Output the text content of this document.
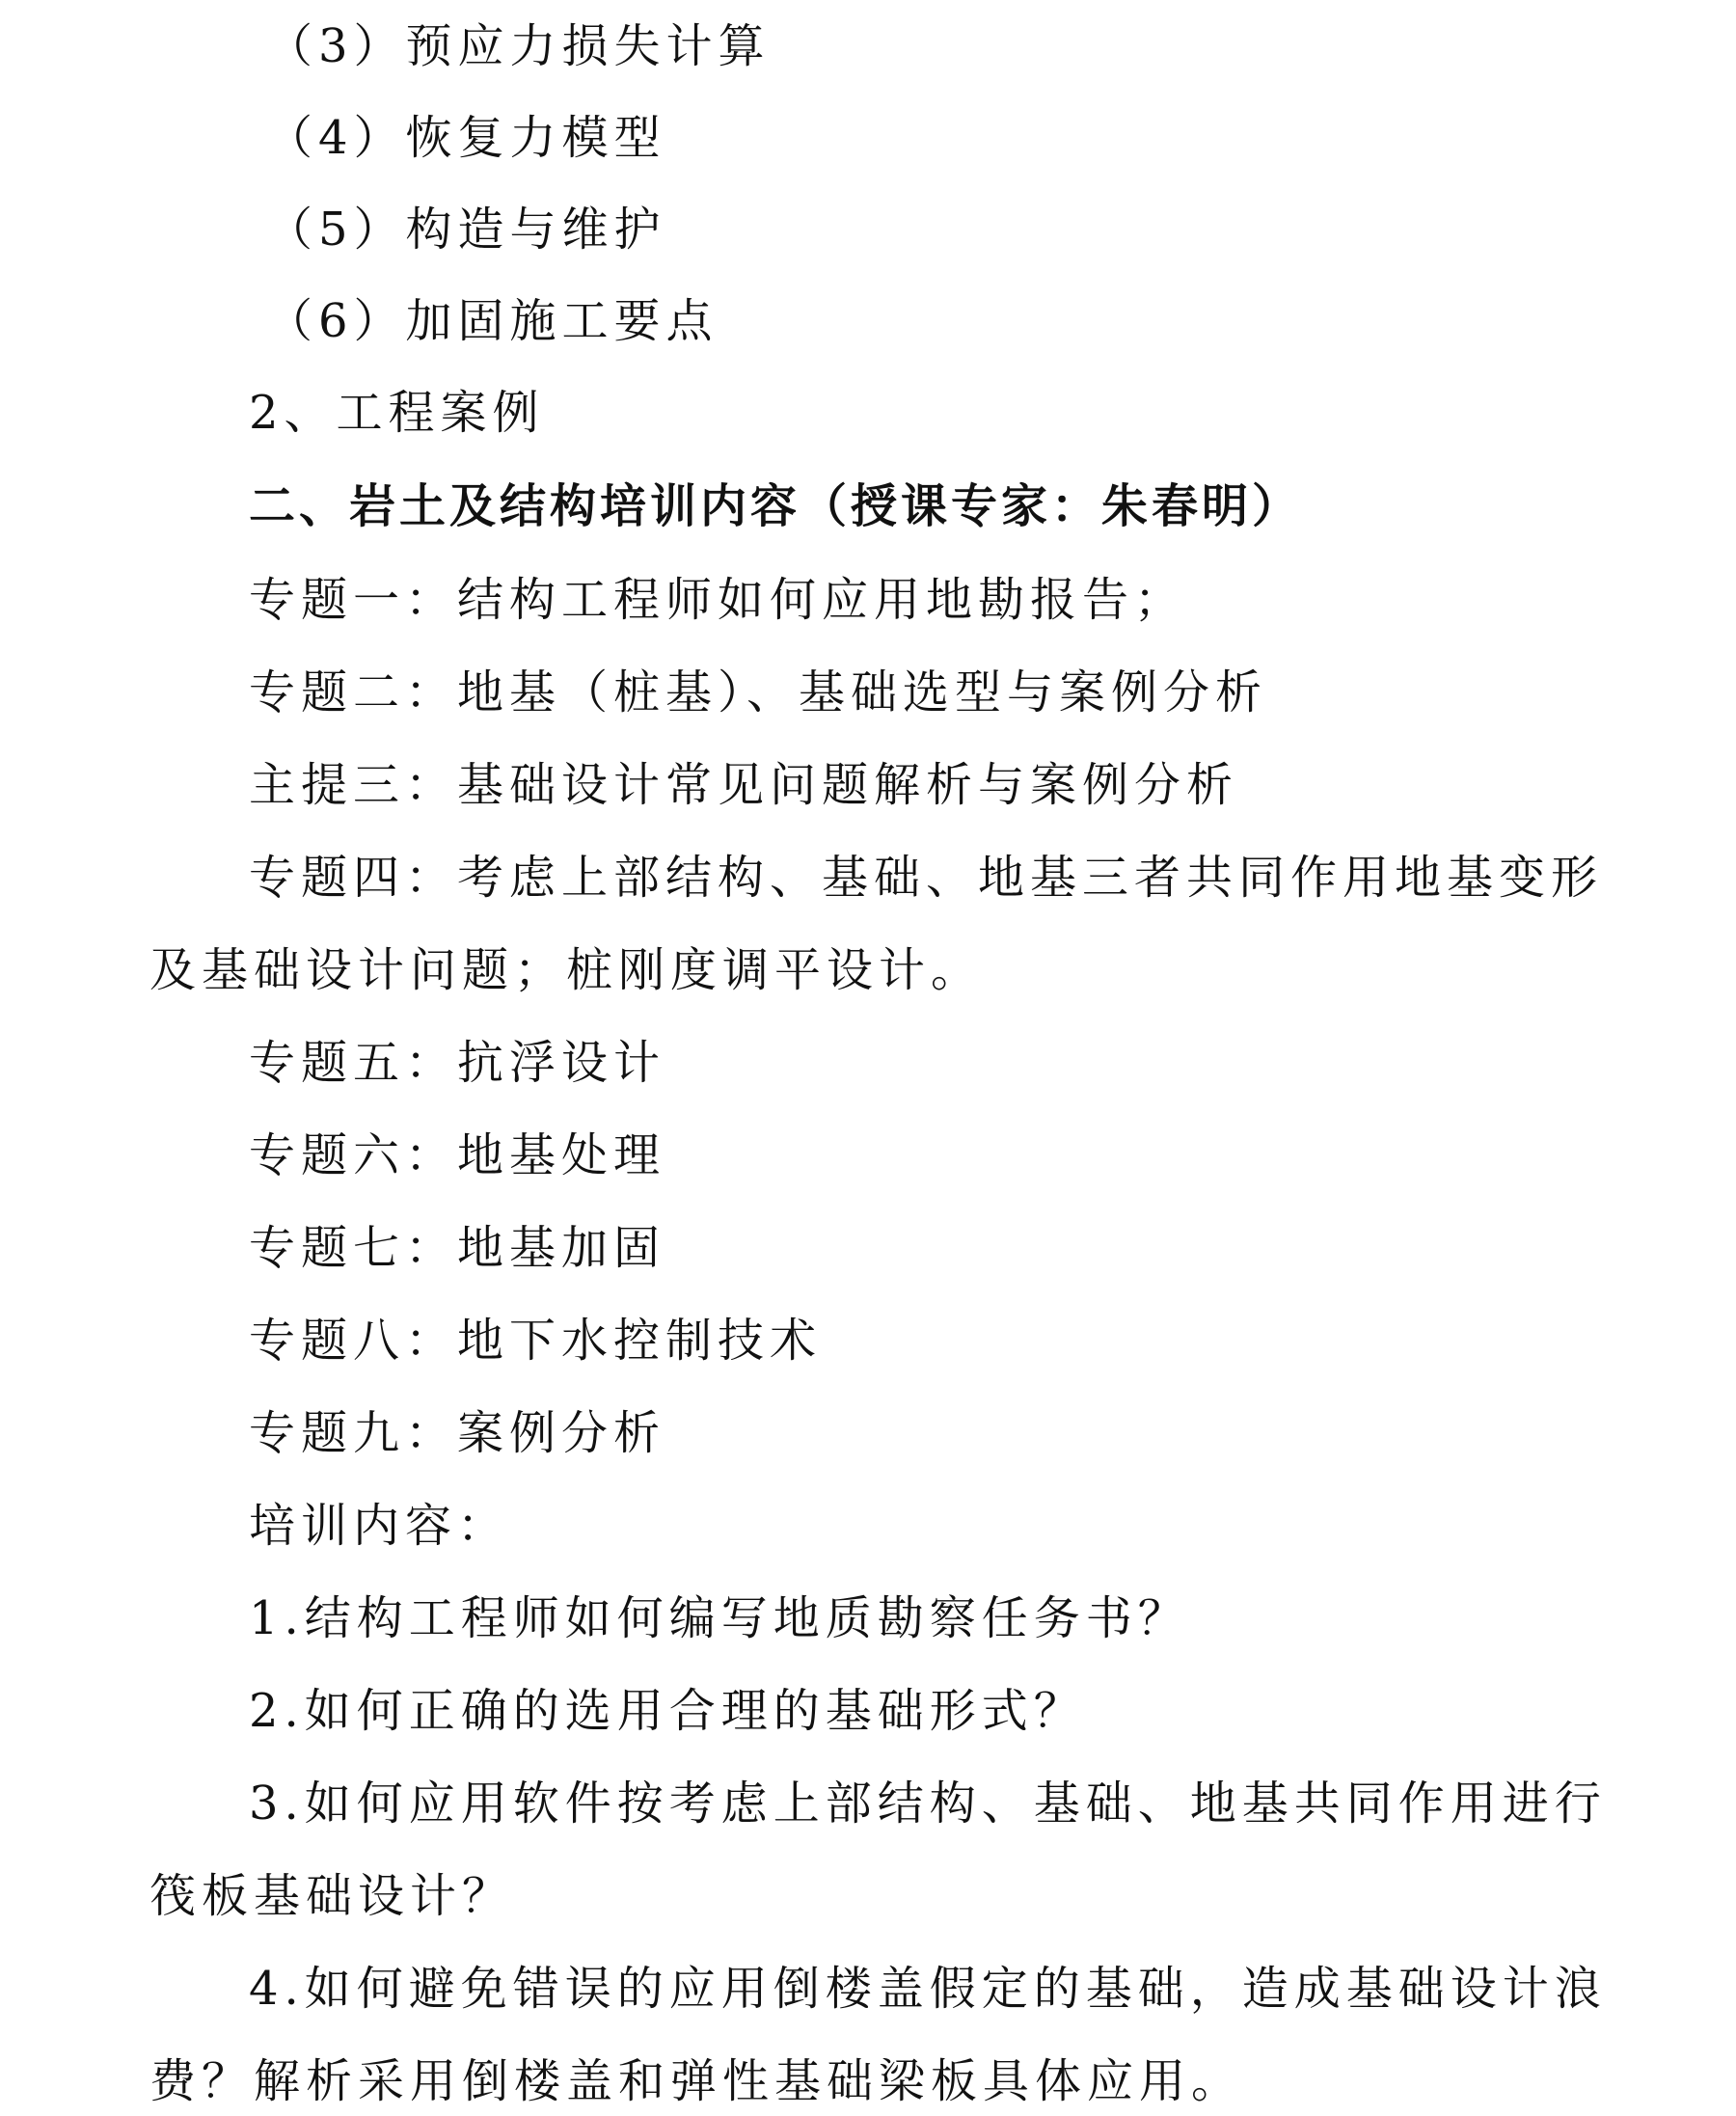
（3）预应力损失计算
（4）恢复力模型
（5）构造与维护
（6）加固施工要点
2、工程案例
二、岩土及结构培训内容（授课专家：朱春明）
专题一：结构工程师如何应用地勘报告；
专题二：地基（桩基）、基础选型与案例分析
主提三：基础设计常见问题解析与案例分析
专题四：考虑上部结构、基础、地基三者共同作用地基变形
及基础设计问题；桩刚度调平设计。
专题五：抗浮设计
专题六：地基处理
专题七：地基加固
专题八：地下水控制技术
专题九：案例分析
培训内容：
1.结构工程师如何编写地质勘察任务书？
2.如何正确的选用合理的基础形式？
3.如何应用软件按考虑上部结构、基础、地基共同作用进行
筏板基础设计？
4.如何避免错误的应用倒楼盖假定的基础，造成基础设计浪
费？解析采用倒楼盖和弹性基础梁板具体应用。
